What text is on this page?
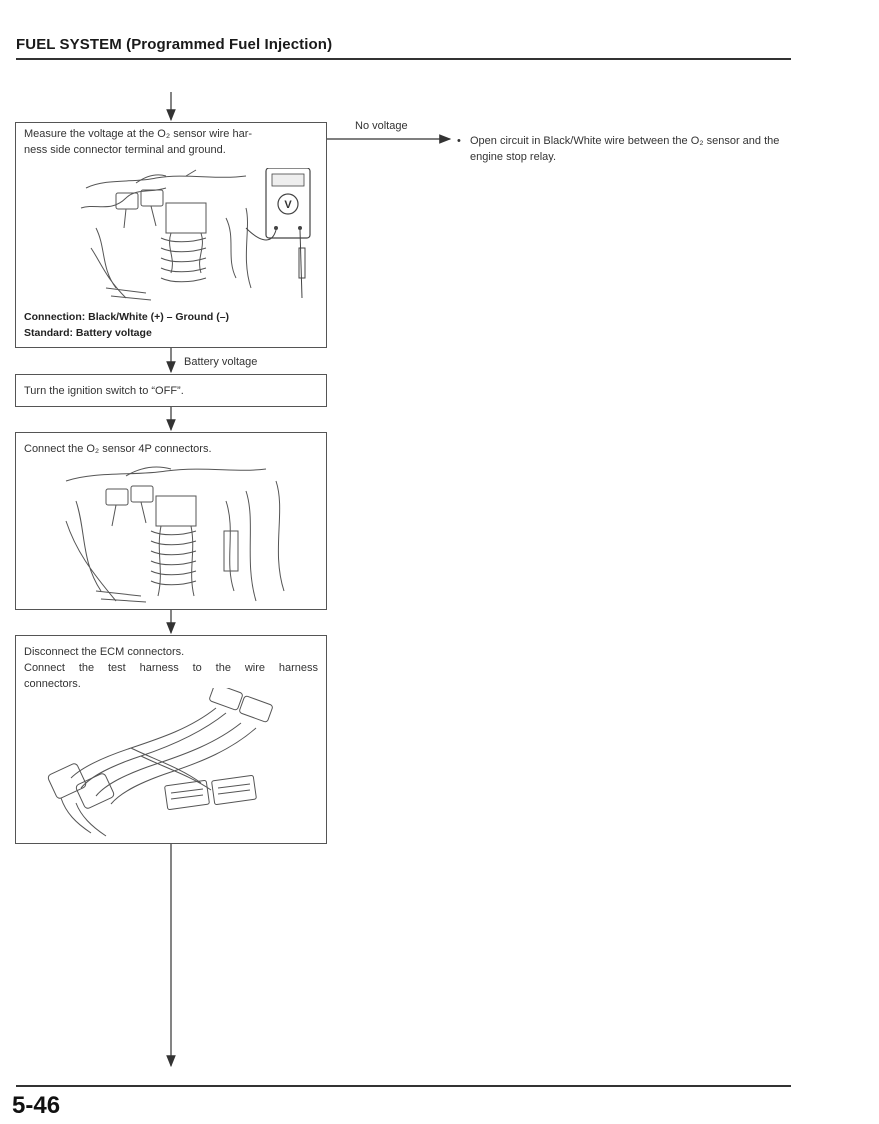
FUEL SYSTEM (Programmed Fuel Injection)
Measure the voltage at the O₂ sensor wire har-
ness side connector terminal and ground.
V
Connection: Black/White (+) – Ground (–)
Standard: Battery voltage
No voltage
• Open circuit in Black/White wire between the O₂ sensor and the engine stop relay.
Battery voltage
Turn the ignition switch to “OFF”.
Connect the O₂ sensor 4P connectors.
Disconnect the ECM connectors.
Connect the test harness to the wire harness
connectors.
5-46
